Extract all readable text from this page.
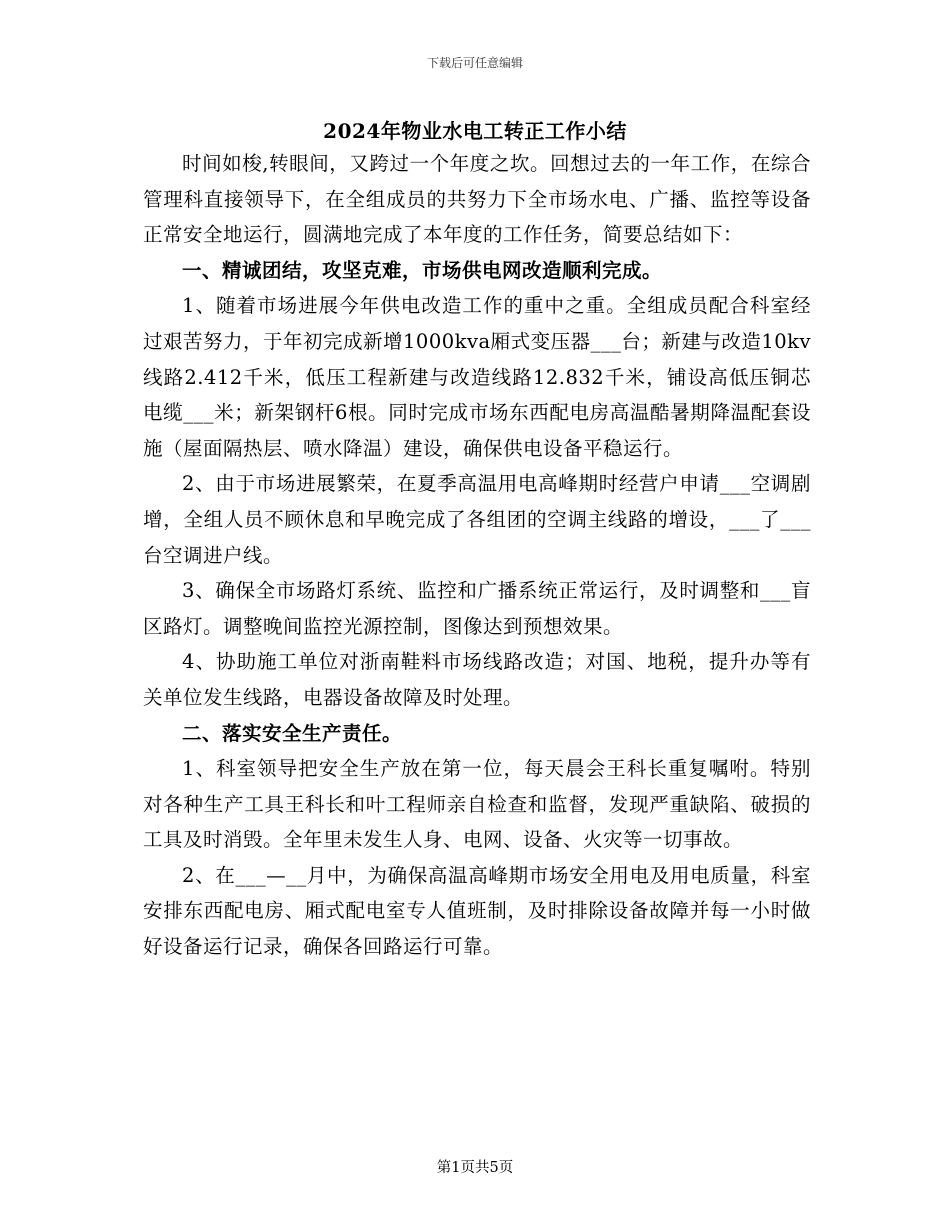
下载后可任意编辑
2024年物业水电工转正工作小结

时间如梭,转眼间，又跨过一个年度之坎。回想过去的一年工作，在综合管理科直接领导下，在全组成员的共努力下全市场水电、广播、监控等设备正常安全地运行，圆满地完成了本年度的工作任务，简要总结如下：

一、精诚团结，攻坚克难，市场供电网改造顺利完成。

1、随着市场进展今年供电改造工作的重中之重。全组成员配合科室经过艰苦努力，于年初完成新增1000kva厢式变压器___台；新建与改造10kv线路2.412千米，低压工程新建与改造线路12.832千米，铺设高低压铜芯电缆___米；新架钢杆6根。同时完成市场东西配电房高温酷暑期降温配套设施（屋面隔热层、喷水降温）建设，确保供电设备平稳运行。

2、由于市场进展繁荣，在夏季高温用电高峰期时经营户申请___空调剧增，全组人员不顾休息和早晚完成了各组团的空调主线路的增设，___了___台空调进户线。

3、确保全市场路灯系统、监控和广播系统正常运行，及时调整和___盲区路灯。调整晚间监控光源控制，图像达到预想效果。

4、协助施工单位对浙南鞋料市场线路改造；对国、地税，提升办等有关单位发生线路，电器设备故障及时处理。

二、落实安全生产责任。

1、科室领导把安全生产放在第一位，每天晨会王科长重复嘱咐。特别对各种生产工具王科长和叶工程师亲自检查和监督，发现严重缺陷、破损的工具及时消毁。全年里未发生人身、电网、设备、火灾等一切事故。

2、在___—__月中，为确保高温高峰期市场安全用电及用电质量，科室安排东西配电房、厢式配电室专人值班制，及时排除设备故障并每一小时做好设备运行记录，确保各回路运行可靠。

第1页共5页
